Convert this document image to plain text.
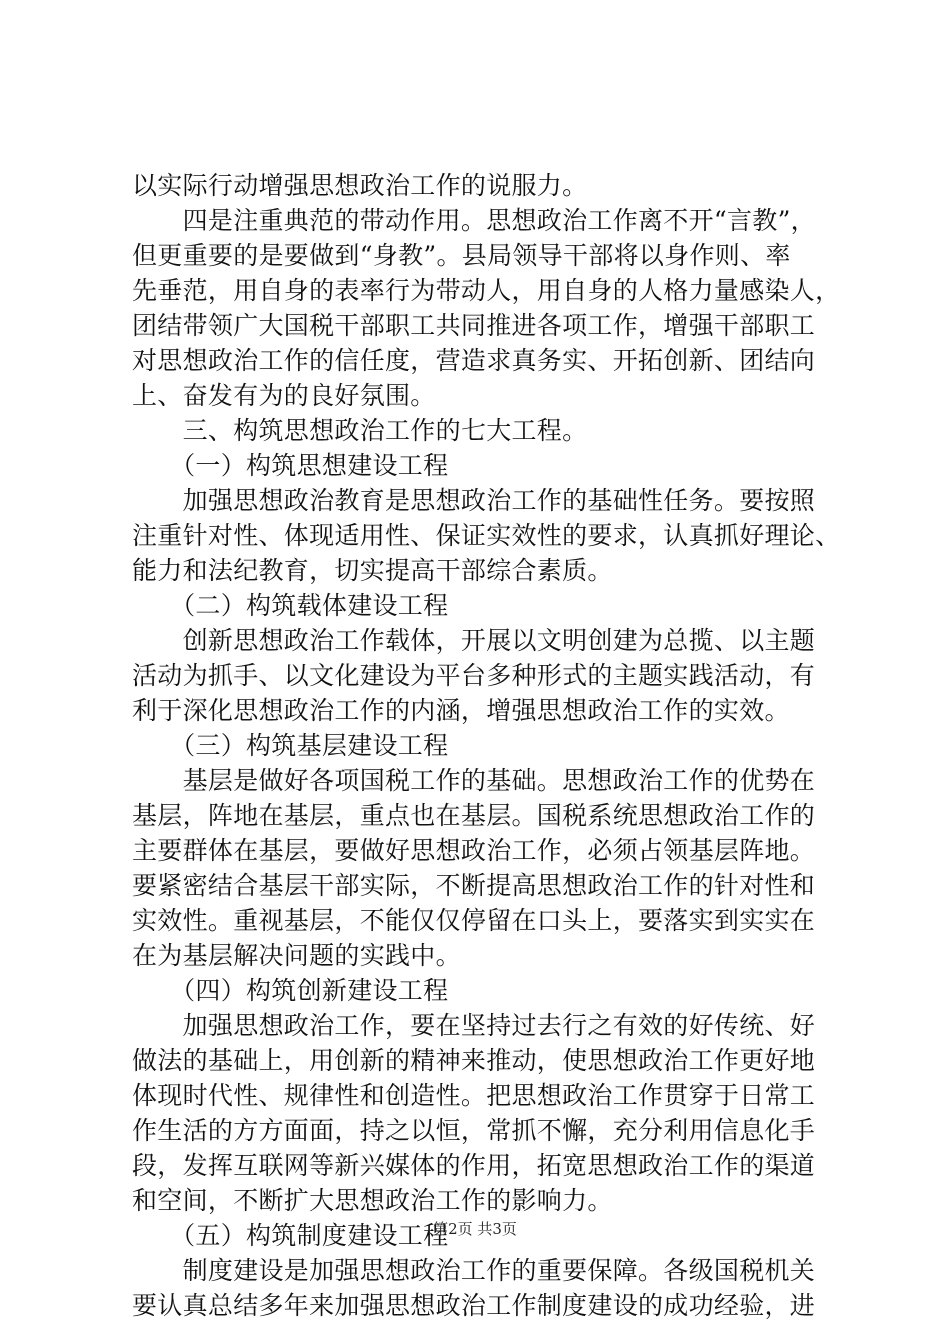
以实际行动增强思想政治工作的说服力。
　　四是注重典范的带动作用。思想政治工作离不开“言教”，
但更重要的是要做到“身教”。县局领导干部将以身作则、率
先垂范，用自身的表率行为带动人，用自身的人格力量感染人，
团结带领广大国税干部职工共同推进各项工作，增强干部职工
对思想政治工作的信任度，营造求真务实、开拓创新、团结向
上、奋发有为的良好氛围。
　　三、构筑思想政治工作的七大工程。
　　（一）构筑思想建设工程
　　加强思想政治教育是思想政治工作的基础性任务。要按照
注重针对性、体现适用性、保证实效性的要求，认真抓好理论、
能力和法纪教育，切实提高干部综合素质。
　　（二）构筑载体建设工程
　　创新思想政治工作载体，开展以文明创建为总揽、以主题
活动为抓手、以文化建设为平台多种形式的主题实践活动，有
利于深化思想政治工作的内涵，增强思想政治工作的实效。
　　（三）构筑基层建设工程
　　基层是做好各项国税工作的基础。思想政治工作的优势在
基层，阵地在基层，重点也在基层。国税系统思想政治工作的
主要群体在基层，要做好思想政治工作，必须占领基层阵地。
要紧密结合基层干部实际，不断提高思想政治工作的针对性和
实效性。重视基层，不能仅仅停留在口头上，要落实到实实在
在为基层解决问题的实践中。
　　（四）构筑创新建设工程
　　加强思想政治工作，要在坚持过去行之有效的好传统、好
做法的基础上，用创新的精神来推动，使思想政治工作更好地
体现时代性、规律性和创造性。把思想政治工作贯穿于日常工
作生活的方方面面，持之以恒，常抓不懈，充分利用信息化手
段，发挥互联网等新兴媒体的作用，拓宽思想政治工作的渠道
和空间，不断扩大思想政治工作的影响力。
　　（五）构筑制度建设工程
　　制度建设是加强思想政治工作的重要保障。各级国税机关
要认真总结多年来加强思想政治工作制度建设的成功经验，进
第2页 共3页
